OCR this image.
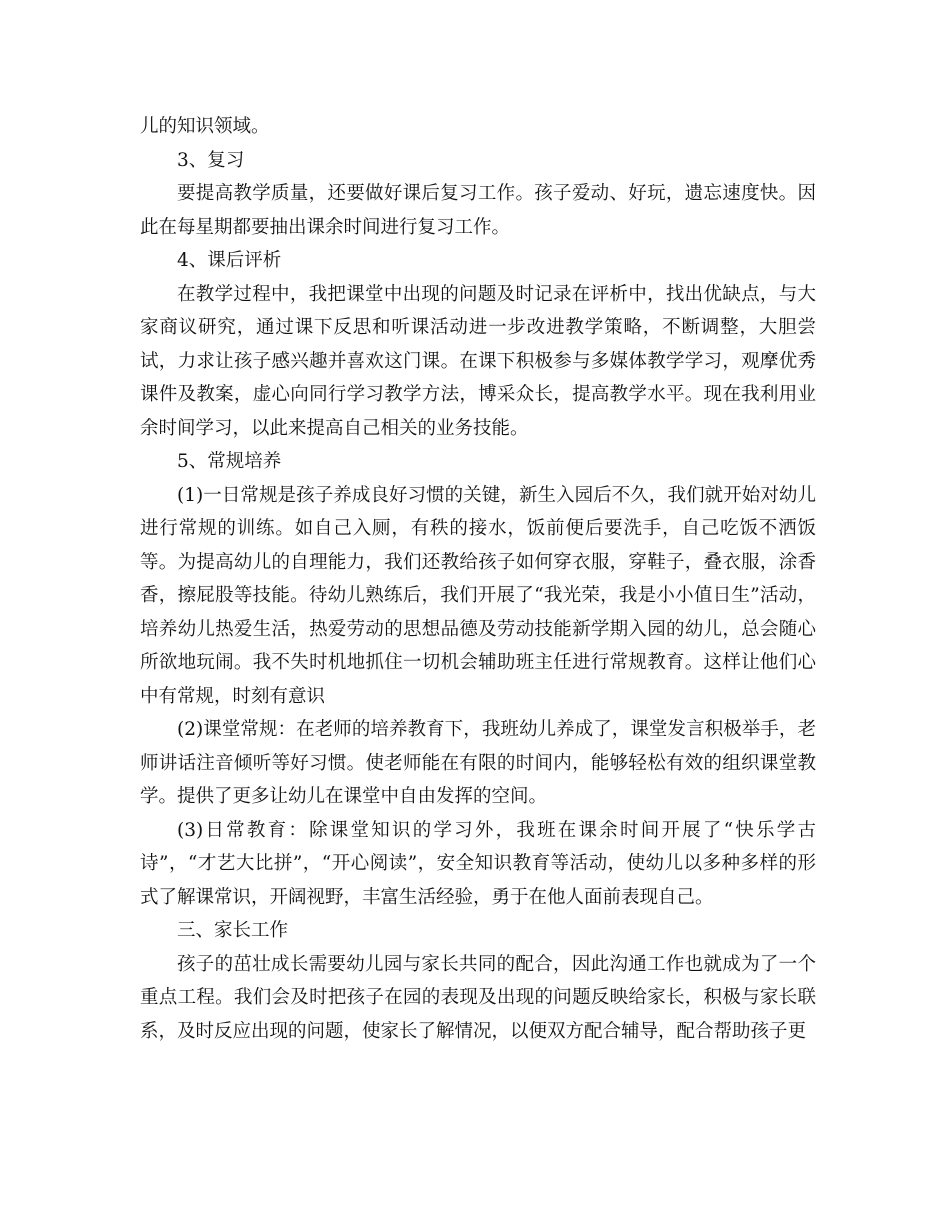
儿的知识领域。

3、复习

要提高教学质量，还要做好课后复习工作。孩子爱动、好玩，遗忘速度快。因此在每星期都要抽出课余时间进行复习工作。

4、课后评析

在教学过程中，我把课堂中出现的问题及时记录在评析中，找出优缺点，与大家商议研究，通过课下反思和听课活动进一步改进教学策略，不断调整，大胆尝试，力求让孩子感兴趣并喜欢这门课。在课下积极参与多媒体教学学习，观摩优秀课件及教案，虚心向同行学习教学方法，博采众长，提高教学水平。现在我利用业余时间学习，以此来提高自己相关的业务技能。

5、常规培养

(1)一日常规是孩子养成良好习惯的关键，新生入园后不久，我们就开始对幼儿进行常规的训练。如自己入厕，有秩的接水，饭前便后要洗手，自己吃饭不洒饭等。为提高幼儿的自理能力，我们还教给孩子如何穿衣服，穿鞋子，叠衣服，涂香香，擦屁股等技能。待幼儿熟练后，我们开展了“我光荣，我是小小值日生”活动，培养幼儿热爱生活，热爱劳动的思想品德及劳动技能新学期入园的幼儿，总会随心所欲地玩闹。我不失时机地抓住一切机会辅助班主任进行常规教育。这样让他们心中有常规，时刻有意识

(2)课堂常规：在老师的培养教育下，我班幼儿养成了，课堂发言积极举手，老师讲话注音倾听等好习惯。使老师能在有限的时间内，能够轻松有效的组织课堂教学。提供了更多让幼儿在课堂中自由发挥的空间。

(3)日常教育：除课堂知识的学习外，我班在课余时间开展了“快乐学古诗”，“才艺大比拼”，“开心阅读”，安全知识教育等活动，使幼儿以多种多样的形式了解课常识，开阔视野，丰富生活经验，勇于在他人面前表现自己。

三、家长工作

孩子的茁壮成长需要幼儿园与家长共同的配合，因此沟通工作也就成为了一个重点工程。我们会及时把孩子在园的表现及出现的问题反映给家长，积极与家长联系，及时反应出现的问题，使家长了解情况，以便双方配合辅导，配合帮助孩子更
